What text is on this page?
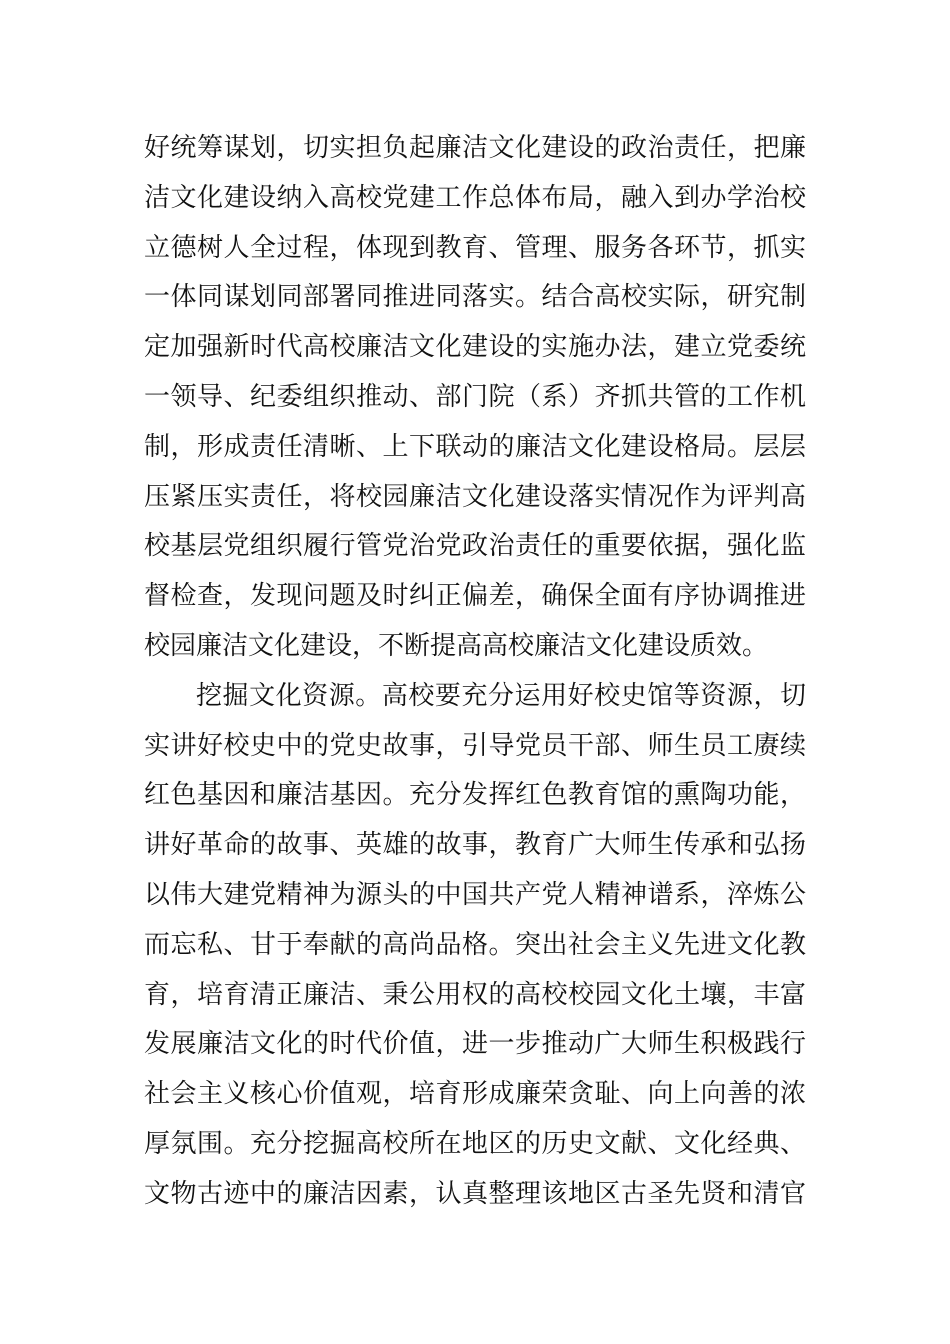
好统筹谋划，切实担负起廉洁文化建设的政治责任，把廉
洁文化建设纳入高校党建工作总体布局，融入到办学治校
立德树人全过程，体现到教育、管理、服务各环节，抓实
一体同谋划同部署同推进同落实。结合高校实际，研究制
定加强新时代高校廉洁文化建设的实施办法，建立党委统
一领导、纪委组织推动、部门院（系）齐抓共管的工作机
制，形成责任清晰、上下联动的廉洁文化建设格局。层层
压紧压实责任，将校园廉洁文化建设落实情况作为评判高
校基层党组织履行管党治党政治责任的重要依据，强化监
督检查，发现问题及时纠正偏差，确保全面有序协调推进
校园廉洁文化建设，不断提高高校廉洁文化建设质效。
挖掘文化资源。高校要充分运用好校史馆等资源，切
实讲好校史中的党史故事，引导党员干部、师生员工赓续
红色基因和廉洁基因。充分发挥红色教育馆的熏陶功能，
讲好革命的故事、英雄的故事，教育广大师生传承和弘扬
以伟大建党精神为源头的中国共产党人精神谱系，淬炼公
而忘私、甘于奉献的高尚品格。突出社会主义先进文化教
育，培育清正廉洁、秉公用权的高校校园文化土壤，丰富
发展廉洁文化的时代价值，进一步推动广大师生积极践行
社会主义核心价值观，培育形成廉荣贪耻、向上向善的浓
厚氛围。充分挖掘高校所在地区的历史文献、文化经典、
文物古迹中的廉洁因素，认真整理该地区古圣先贤和清官
